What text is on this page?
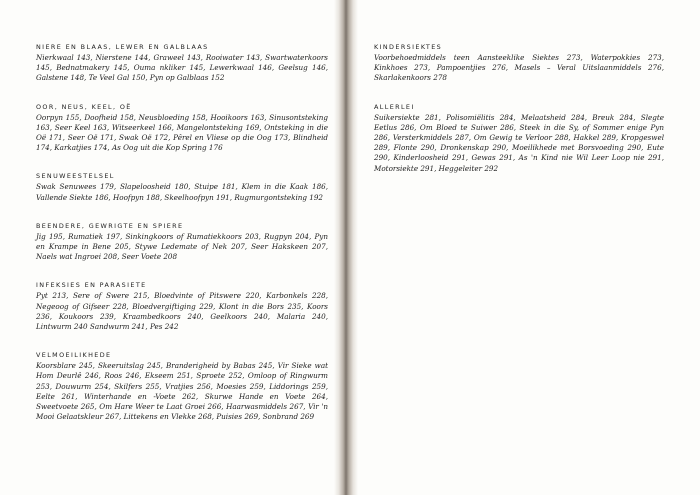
NIERE EN BLAAS, LEWER EN GALBLAAS
Nierkwaal 143, Nierstene 144, Graweel 143, Rooiwater 143, Swartwaterkoors 145, Bednatmakery 145, Ouma nkliker 145, Lewerkwaal 146, Geelsug 146, Galstene 148, Te Veel Gal 150, Pyn op Galblaas 152
OOR, NEUS, KEEL, OË
Oorpyn 155, Doofheid 158, Neusbloeding 158, Hooikoors 163, Sinusontsteking 163, Seer Keel 163, Witseerkeel 166, Mangelontsteking 169, Ontsteking in die Oë 171, Seer Oë 171, Swak Oë 172, Pêrel en Vliese op die Oog 173, Blindheid 174, Karkatjies 174, As Oog uit die Kop Spring 176
SENUWEESTELSEL
Swak Senuwees 179, Slapeloosheid 180, Stuipe 181, Klem in die Kaak 186, Vallende Siekte 186, Hoofpyn 188, Skeelhoofpyn 191, Rugmurgontsteking 192
BEENDERE, GEWRIGTE EN SPIERE
Jig 195, Rumatiek 197, Sinkingkoors of Rumatiekkoors 203, Rugpyn 204, Pyn en Krampe in Bene 205, Stywe Ledemate of Nek 207, Seer Hakskeen 207, Naels wat Ingroei 208, Seer Voete 208
INFEKSIES EN PARASIETE
Pyt 213, Sere of Swere 215, Bloedvinte of Pitswere 220, Karbonkels 228, Negeoog of Gifseer 228, Bloedvergiftiging 229, Klont in die Bors 235, Koors 236, Koukoors 239, Kraambedkoors 240, Geelkoors 240, Malaria 240, Lintwurm 240 Sandwurm 241, Pes 242
VELMOEILIKHEDE
Koorsblare 245, Skeeruitslag 245, Branderigheid by Babas 245, Vir Sieke wat Hom Deurlê 246, Roos 246, Ekseem 251, Sproete 252, Omloop of Ringwurm 253, Douwurm 254, Skilfers 255, Vratjies 256, Moesies 259, Liddorings 259, Eelte 261, Winterhande en -Voete 262, Skurwe Hande en Voete 264, Sweetvoete 265, Om Hare Weer te Laat Groei 266, Haarwasmiddels 267, Vir 'n Mooi Gelaatskleur 267, Littekens en Vlekke 268, Puisies 269, Sonbrand 269
KINDERSIEKTES
Voorbehoedmiddels teen Aansteeklike Siektes 273, Waterpokkies 273, Kinkhoes 273, Pampoentjies 276, Masels – Veral Uitslaanmiddels 276, Skarlakenkoors 278
ALLERLEI
Suikersiekte 281, Polisomiëlitis 284, Melaatsheid 284, Breuk 284, Slegte Eetlus 286, Om Bloed te Suiwer 286, Steek in die Sy, of Sommer enige Pyn 286, Versterkmiddels 287, Om Gewig te Verloor 288, Hakkel 289, Kropgeswel 289, Flonte 290, Dronkenskap 290, Moeilikhede met Borsvoeding 290, Eute 290, Kinderloosheid 291, Gewas 291, As 'n Kind nie Wil Leer Loop nie 291, Motorsiekte 291, Heggeleiter 292
